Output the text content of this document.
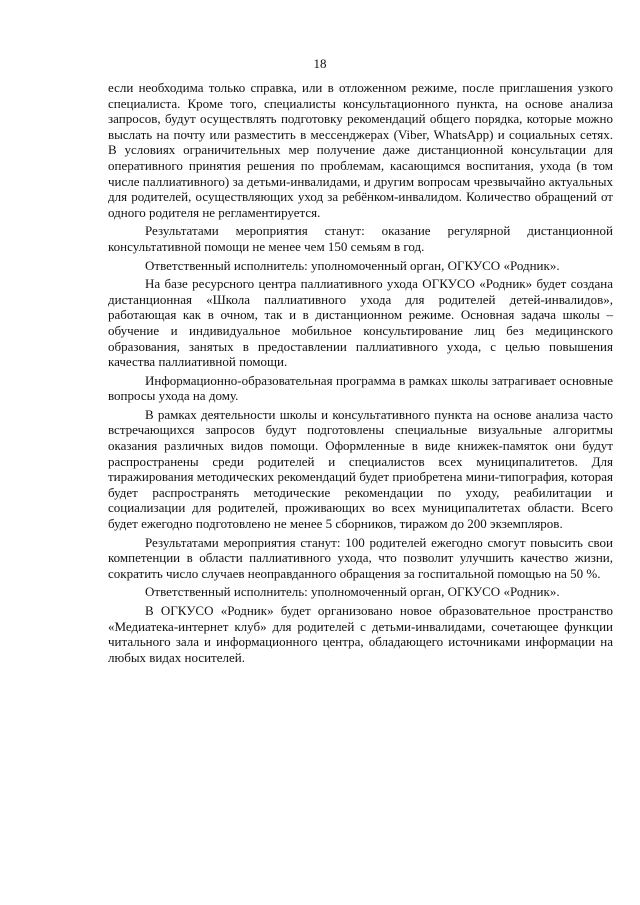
18

если необходима только справка, или в отложенном режиме, после приглашения узкого специалиста. Кроме того, специалисты консультационного пункта, на основе анализа запросов, будут осуществлять подготовку рекомендаций общего порядка, которые можно выслать на почту или разместить в мессенджерах (Viber, WhatsApp) и социальных сетях. В условиях ограничительных мер получение даже дистанционной консультации для оперативного принятия решения по проблемам, касающимся воспитания, ухода (в том числе паллиативного) за детьми-инвалидами, и другим вопросам чрезвычайно актуальных для родителей, осуществляющих уход за ребёнком-инвалидом. Количество обращений от одного родителя не регламентируется.

Результатами мероприятия станут: оказание регулярной дистанционной консультативной помощи не менее чем 150 семьям в год.

Ответственный исполнитель: уполномоченный орган, ОГКУСО «Родник».

На базе ресурсного центра паллиативного ухода ОГКУСО «Родник» будет создана дистанционная «Школа паллиативного ухода для родителей детей-инвалидов», работающая как в очном, так и в дистанционном режиме. Основная задача школы – обучение и индивидуальное мобильное консультирование лиц без медицинского образования, занятых в предоставлении паллиативного ухода, с целью повышения качества паллиативной помощи.

Информационно-образовательная программа в рамках школы затрагивает основные вопросы ухода на дому.

В рамках деятельности школы и консультативного пункта на основе анализа часто встречающихся запросов будут подготовлены специальные визуальные алгоритмы оказания различных видов помощи. Оформленные в виде книжек-памяток они будут распространены среди родителей и специалистов всех муниципалитетов. Для тиражирования методических рекомендаций будет приобретена мини-типография, которая будет распространять методические рекомендации по уходу, реабилитации и социализации для родителей, проживающих во всех муниципалитетах области. Всего будет ежегодно подготовлено не менее 5 сборников, тиражом до 200 экземпляров.

Результатами мероприятия станут: 100 родителей ежегодно смогут повысить свои компетенции в области паллиативного ухода, что позволит улучшить качество жизни, сократить число случаев неоправданного обращения за госпитальной помощью на 50 %.

Ответственный исполнитель: уполномоченный орган, ОГКУСО «Родник».

В ОГКУСО «Родник» будет организовано новое образовательное пространство «Медиатека-интернет клуб» для родителей с детьми-инвалидами, сочетающее функции читального зала и информационного центра, обладающего источниками информации на любых видах носителей.
